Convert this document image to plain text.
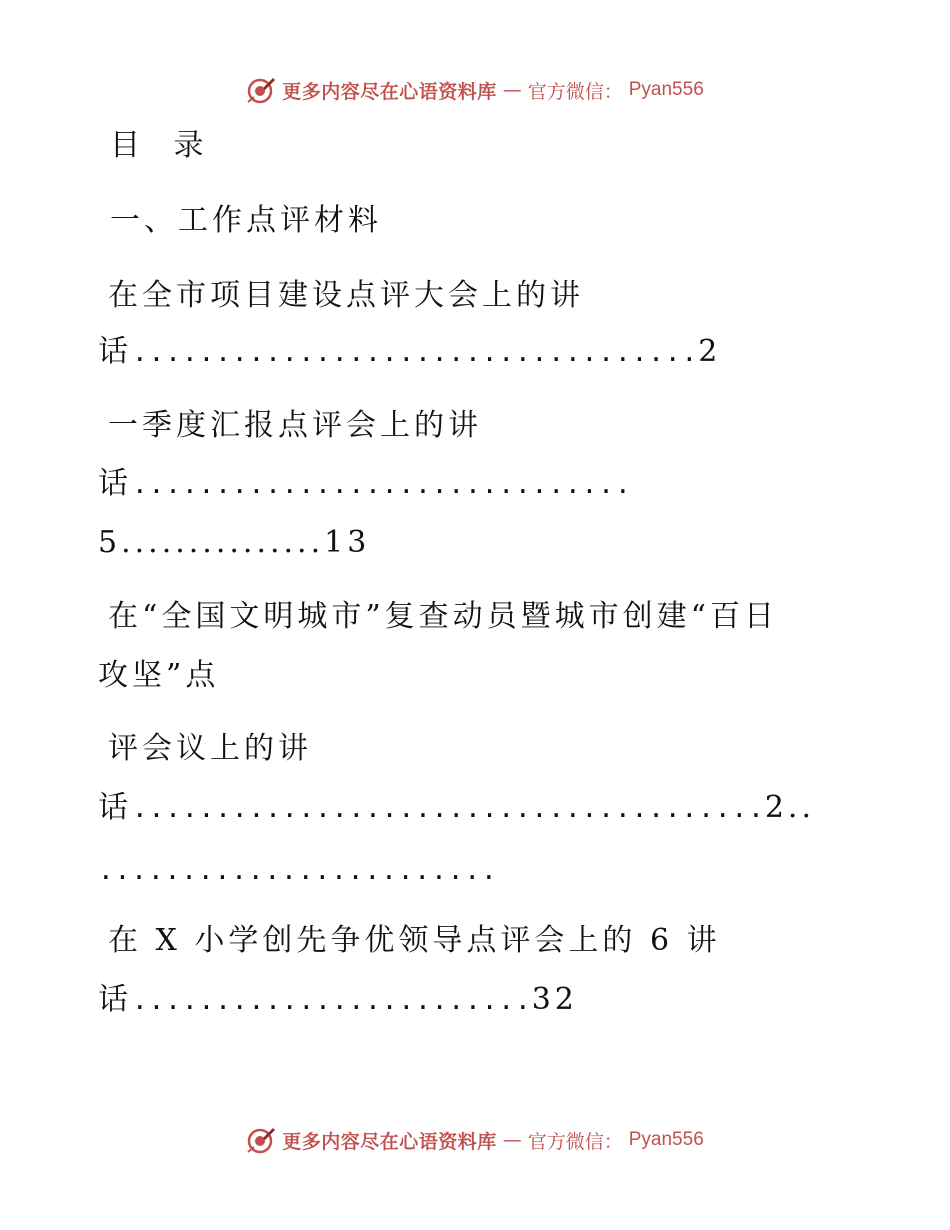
更多内容尽在心语资料库 — 官方微信： Pyan556
目 录
一、工作点评材料
在全市项目建设点评大会上的讲
话..................................2
一季度汇报点评会上的讲
话..............................
5...............13
在“全国文明城市”复查动员暨城市创建“百日
攻坚”点
评会议上的讲
话......................................2..
........................
在 X 小学创先争优领导点评会上的 6 讲
话........................32
更多内容尽在心语资料库 — 官方微信： Pyan556
